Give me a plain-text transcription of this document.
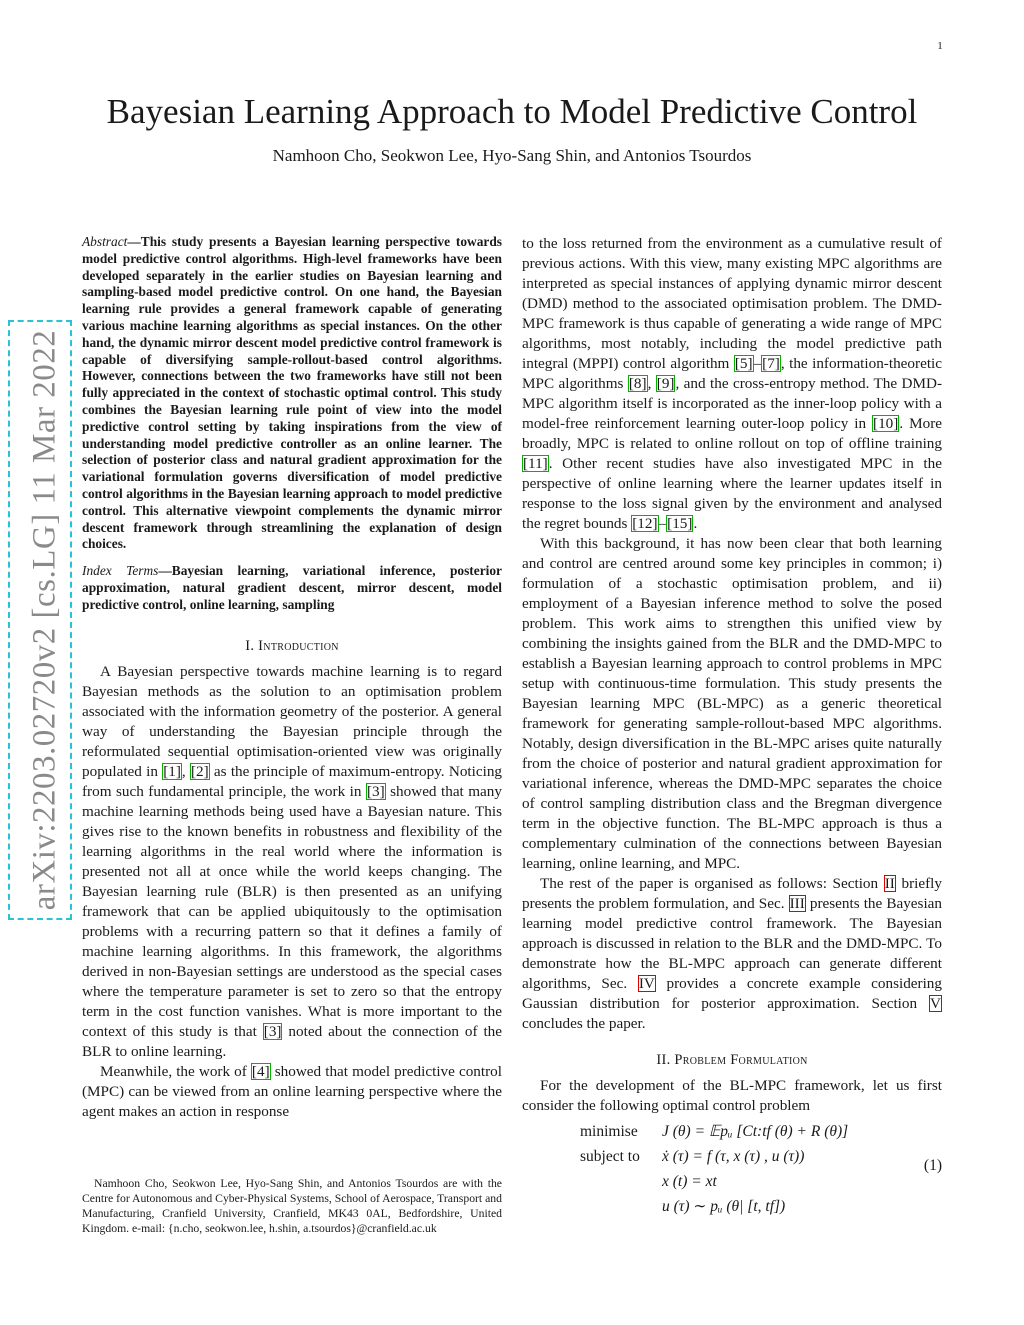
1
arXiv:2203.02720v2 [cs.LG] 11 Mar 2022
Bayesian Learning Approach to Model Predictive Control
Namhoon Cho, Seokwon Lee, Hyo-Sang Shin, and Antonios Tsourdos
Abstract—This study presents a Bayesian learning perspective towards model predictive control algorithms. High-level frameworks have been developed separately in the earlier studies on Bayesian learning and sampling-based model predictive control. On one hand, the Bayesian learning rule provides a general framework capable of generating various machine learning algorithms as special instances. On the other hand, the dynamic mirror descent model predictive control framework is capable of diversifying sample-rollout-based control algorithms. However, connections between the two frameworks have still not been fully appreciated in the context of stochastic optimal control. This study combines the Bayesian learning rule point of view into the model predictive control setting by taking inspirations from the view of understanding model predictive controller as an online learner. The selection of posterior class and natural gradient approximation for the variational formulation governs diversification of model predictive control algorithms in the Bayesian learning approach to model predictive control. This alternative viewpoint complements the dynamic mirror descent framework through streamlining the explanation of design choices.
Index Terms—Bayesian learning, variational inference, posterior approximation, natural gradient descent, mirror descent, model predictive control, online learning, sampling
I. Introduction

A Bayesian perspective towards machine learning is to regard Bayesian methods as the solution to an optimisation problem associated with the information geometry of the posterior. A general way of understanding the Bayesian principle through the reformulated sequential optimisation-oriented view was originally populated in [1], [2] as the principle of maximum-entropy. Noticing from such fundamental principle, the work in [3] showed that many machine learning methods being used have a Bayesian nature. This gives rise to the known benefits in robustness and flexibility of the learning algorithms in the real world where the information is presented not all at once while the world keeps changing. The Bayesian learning rule (BLR) is then presented as an unifying framework that can be applied ubiquitously to the optimisation problems with a recurring pattern so that it defines a family of machine learning algorithms. In this framework, the algorithms derived in non-Bayesian settings are understood as the special cases where the temperature parameter is set to zero so that the entropy term in the cost function vanishes. What is more important to the context of this study is that [3] noted about the connection of the BLR to online learning.

Meanwhile, the work of [4] showed that model predictive control (MPC) can be viewed from an online learning perspective where the agent makes an action in response

Namhoon Cho, Seokwon Lee, Hyo-Sang Shin, and Antonios Tsourdos are with the Centre for Autonomous and Cyber-Physical Systems, School of Aerospace, Transport and Manufacturing, Cranfield University, Cranfield, MK43 0AL, Bedfordshire, United Kingdom. e-mail: {n.cho, seokwon.lee, h.shin, a.tsourdos}@cranfield.ac.uk

to the loss returned from the environment as a cumulative result of previous actions. With this view, many existing MPC algorithms are interpreted as special instances of applying dynamic mirror descent (DMD) method to the associated optimisation problem. The DMD-MPC framework is thus capable of generating a wide range of MPC algorithms, most notably, including the model predictive path integral (MPPI) control algorithm [5]–[7], the information-theoretic MPC algorithms [8], [9], and the cross-entropy method. The DMD-MPC algorithm itself is incorporated as the inner-loop policy with a model-free reinforcement learning outer-loop policy in [10]. More broadly, MPC is related to online rollout on top of offline training [11]. Other recent studies have also investigated MPC in the perspective of online learning where the learner updates itself in response to the loss signal given by the environment and analysed the regret bounds [12]–[15].

With this background, it has now been clear that both learning and control are centred around some key principles in common; i) formulation of a stochastic optimisation problem, and ii) employment of a Bayesian inference method to solve the posed problem. This work aims to strengthen this unified view by combining the insights gained from the BLR and the DMD-MPC to establish a Bayesian learning approach to control problems in MPC setup with continuous-time formulation. This study presents the Bayesian learning MPC (BL-MPC) as a generic theoretical framework for generating sample-rollout-based MPC algorithms. Notably, design diversification in the BL-MPC arises quite naturally from the choice of posterior and natural gradient approximation for variational inference, whereas the DMD-MPC separates the choice of control sampling distribution class and the Bregman divergence term in the objective function. The BL-MPC approach is thus a complementary culmination of the connections between Bayesian learning, online learning, and MPC.

The rest of the paper is organised as follows: Section II briefly presents the problem formulation, and Sec. III presents the Bayesian learning model predictive control framework. The Bayesian approach is discussed in relation to the BLR and the DMD-MPC. To demonstrate how the BL-MPC approach can generate different algorithms, Sec. IV provides a concrete example considering Gaussian distribution for posterior approximation. Section V concludes the paper.

II. Problem Formulation

For the development of the BL-MPC framework, let us first consider the following optimal control problem

minimise J (θ) = 𝔼pᵤ [Ct:tf (θ) + R (θ)]
subject to ẋ (τ) = f (τ, x (τ) , u (τ))
x (t) = xt
u (τ) ∼ pᵤ (θ| [t, tf])
(1)
